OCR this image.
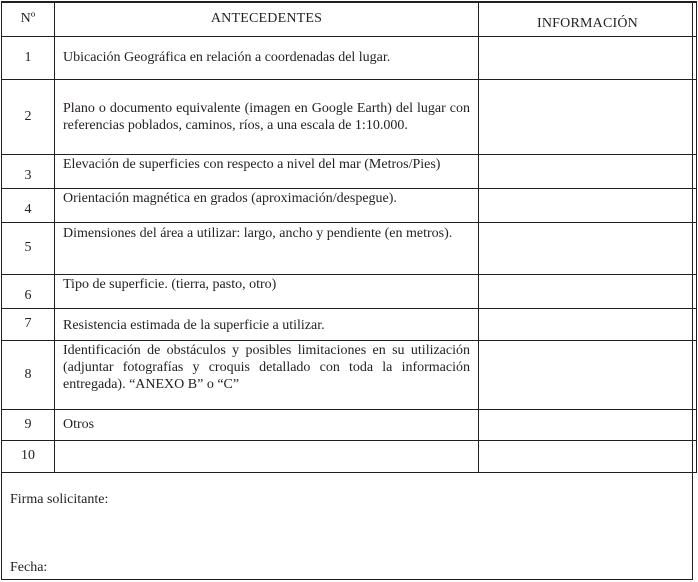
Nº	ANTECEDENTES	INFORMACIÓN
1	Ubicación Geográfica en relación a coordenadas del lugar.	

2	Plano o documento equivalente (imagen en Google Earth) del lugar con referencias poblados, caminos, ríos, a una escala de 1:10.000.	

3	Elevación de superficies con respecto a nivel del mar (Metros/Pies)	

4	Orientación magnética en grados (aproximación/despegue).	

5	Dimensiones del área a utilizar: largo, ancho y pendiente (en metros).	

6	Tipo de superficie. (tierra, pasto, otro)	

7	Resistencia estimada de la superficie a utilizar.	

8	Identificación de obstáculos y posibles limitaciones en su utilización (adjuntar fotografías y croquis detallado con toda la información entregada). “ANEXO B” o “C”	

9	Otros	

10		
Firma solicitante:
Fecha:
